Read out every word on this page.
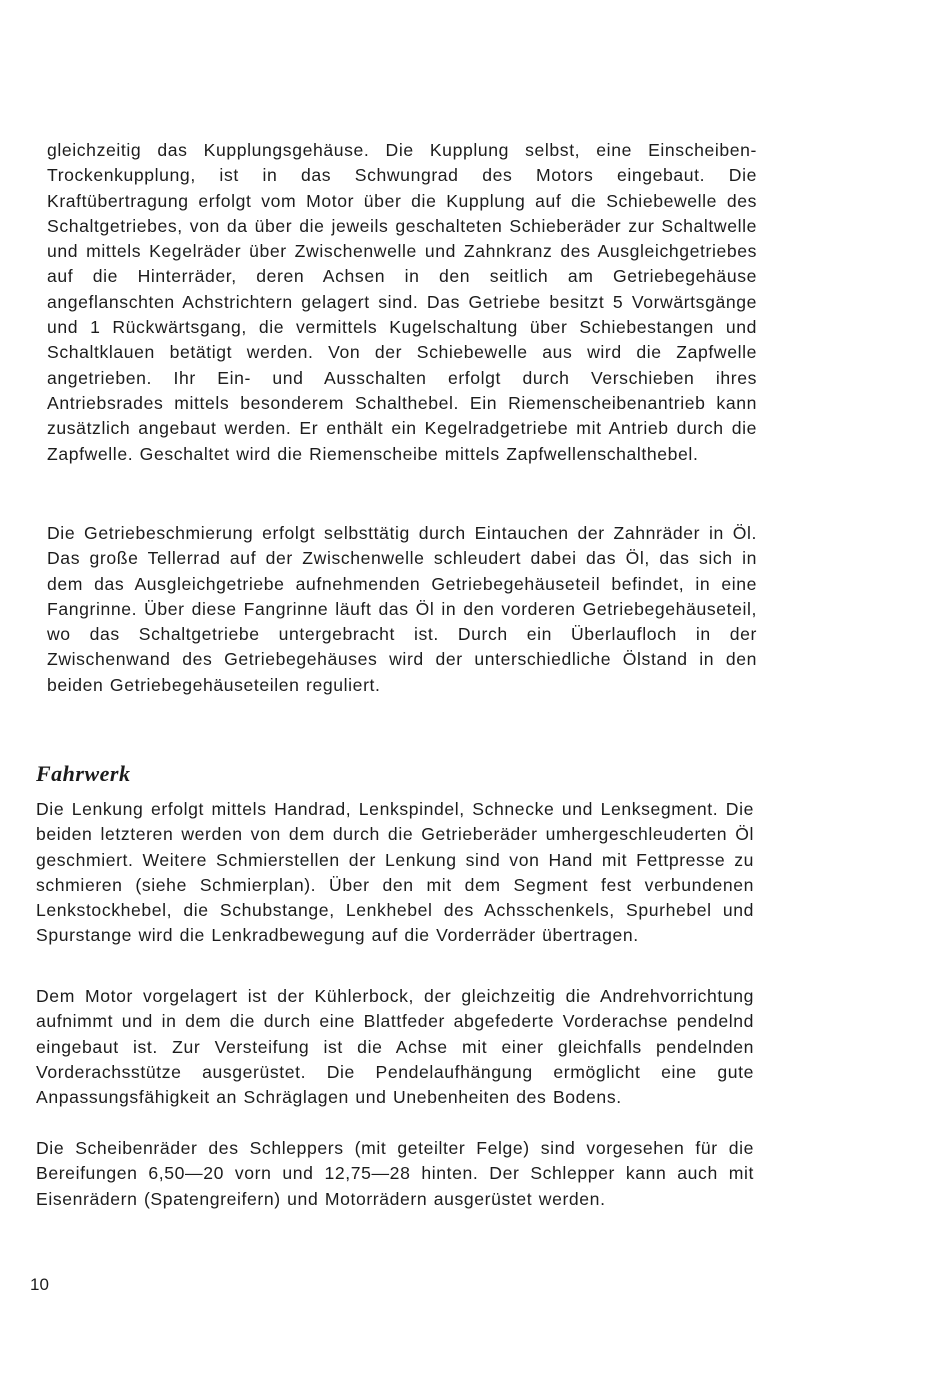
gleichzeitig das Kupplungsgehäuse. Die Kupplung selbst, eine Einscheiben-Trockenkupplung, ist in das Schwungrad des Motors eingebaut. Die Kraftübertragung erfolgt vom Motor über die Kupplung auf die Schiebewelle des Schaltgetriebes, von da über die jeweils geschalteten Schieberäder zur Schaltwelle und mittels Kegelräder über Zwischenwelle und Zahnkranz des Ausgleichgetriebes auf die Hinterräder, deren Achsen in den seitlich am Getriebegehäuse angeflanschten Achstrichtern gelagert sind. Das Getriebe besitzt 5 Vorwärtsgänge und 1 Rückwärtsgang, die vermittels Kugelschaltung über Schiebestangen und Schaltklauen betätigt werden. Von der Schiebewelle aus wird die Zapfwelle angetrieben. Ihr Ein- und Ausschalten erfolgt durch Verschieben ihres Antriebsrades mittels besonderem Schalthebel. Ein Riemenscheibenantrieb kann zusätzlich angebaut werden. Er enthält ein Kegelradgetriebe mit Antrieb durch die Zapfwelle. Geschaltet wird die Riemenscheibe mittels Zapfwellenschalthebel.

Die Getriebeschmierung erfolgt selbsttätig durch Eintauchen der Zahnräder in Öl. Das große Tellerrad auf der Zwischenwelle schleudert dabei das Öl, das sich in dem das Ausgleichgetriebe aufnehmenden Getriebegehäuseteil befindet, in eine Fangrinne. Über diese Fangrinne läuft das Öl in den vorderen Getriebegehäuseteil, wo das Schaltgetriebe untergebracht ist. Durch ein Überlaufloch in der Zwischenwand des Getriebegehäuses wird der unterschiedliche Ölstand in den beiden Getriebegehäuseteilen reguliert.

Fahrwerk

Die Lenkung erfolgt mittels Handrad, Lenkspindel, Schnecke und Lenksegment. Die beiden letzteren werden von dem durch die Getrieberäder umhergeschleuderten Öl geschmiert. Weitere Schmierstellen der Lenkung sind von Hand mit Fettpresse zu schmieren (siehe Schmierplan). Über den mit dem Segment fest verbundenen Lenkstockhebel, die Schubstange, Lenkhebel des Achsschenkels, Spurhebel und Spurstange wird die Lenkradbewegung auf die Vorderräder übertragen.

Dem Motor vorgelagert ist der Kühlerbock, der gleichzeitig die Andrehvorrichtung aufnimmt und in dem die durch eine Blattfeder abgefederte Vorderachse pendelnd eingebaut ist. Zur Versteifung ist die Achse mit einer gleichfalls pendelnden Vorderachsstütze ausgerüstet. Die Pendelaufhängung ermöglicht eine gute Anpassungsfähigkeit an Schräglagen und Unebenheiten des Bodens.

Die Scheibenräder des Schleppers (mit geteilter Felge) sind vorgesehen für die Bereifungen 6,50—20 vorn und 12,75—28 hinten. Der Schlepper kann auch mit Eisenrädern (Spatengreifern) und Motorrädern ausgerüstet werden.

10
